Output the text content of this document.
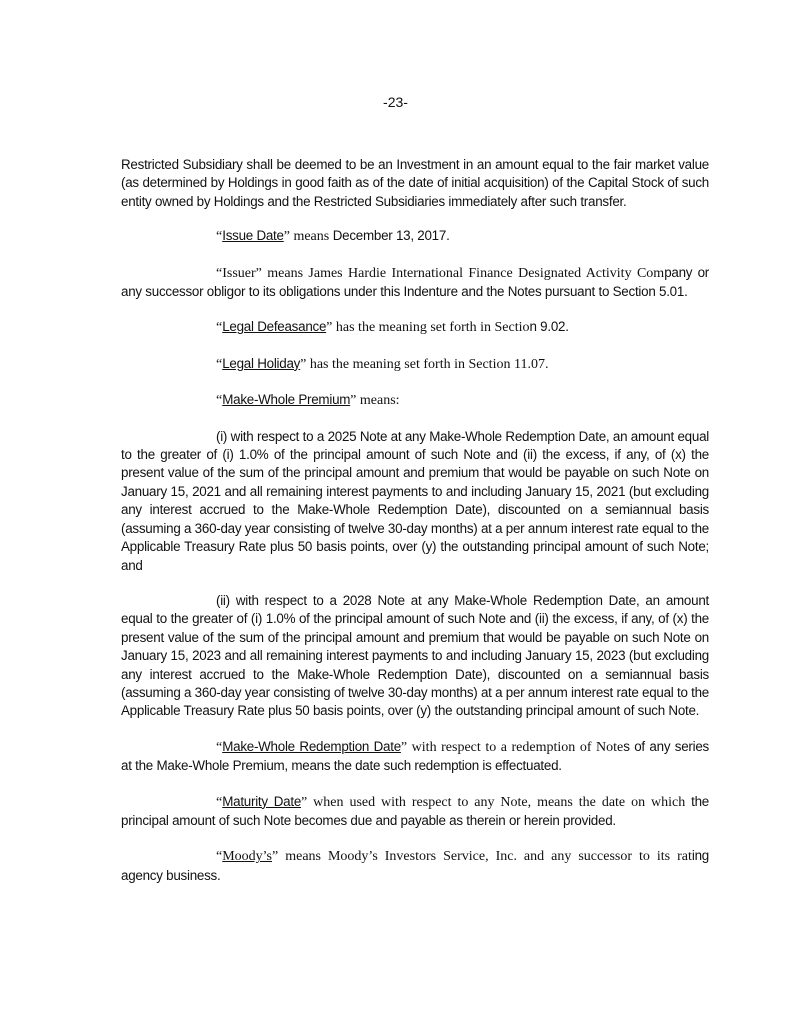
-23-

Restricted Subsidiary shall be deemed to be an Investment in an amount equal to the fair market value (as determined by Holdings in good faith as of the date of initial acquisition) of the Capital Stock of such entity owned by Holdings and the Restricted Subsidiaries immediately after such transfer.

“Issue Date” means December 13, 2017.

“Issuer” means James Hardie International Finance Designated Activity Company or any successor obligor to its obligations under this Indenture and the Notes pursuant to Section 5.01.

“Legal Defeasance” has the meaning set forth in Section 9.02.

“Legal Holiday” has the meaning set forth in Section 11.07.

“Make-Whole Premium” means:

(i) with respect to a 2025 Note at any Make-Whole Redemption Date, an amount equal to the greater of (i) 1.0% of the principal amount of such Note and (ii) the excess, if any, of (x) the present value of the sum of the principal amount and premium that would be payable on such Note on January 15, 2021 and all remaining interest payments to and including January 15, 2021 (but excluding any interest accrued to the Make-Whole Redemption Date), discounted on a semiannual basis (assuming a 360-day year consisting of twelve 30-day months) at a per annum interest rate equal to the Applicable Treasury Rate plus 50 basis points, over (y) the outstanding principal amount of such Note; and

(ii) with respect to a 2028 Note at any Make-Whole Redemption Date, an amount equal to the greater of (i) 1.0% of the principal amount of such Note and (ii) the excess, if any, of (x) the present value of the sum of the principal amount and premium that would be payable on such Note on January 15, 2023 and all remaining interest payments to and including January 15, 2023 (but excluding any interest accrued to the Make-Whole Redemption Date), discounted on a semiannual basis (assuming a 360-day year consisting of twelve 30-day months) at a per annum interest rate equal to the Applicable Treasury Rate plus 50 basis points, over (y) the outstanding principal amount of such Note.

“Make-Whole Redemption Date” with respect to a redemption of Notes of any series at the Make-Whole Premium, means the date such redemption is effectuated.

“Maturity Date” when used with respect to any Note, means the date on which the principal amount of such Note becomes due and payable as therein or herein provided.

“Moody’s” means Moody’s Investors Service, Inc. and any successor to its rating agency business.
